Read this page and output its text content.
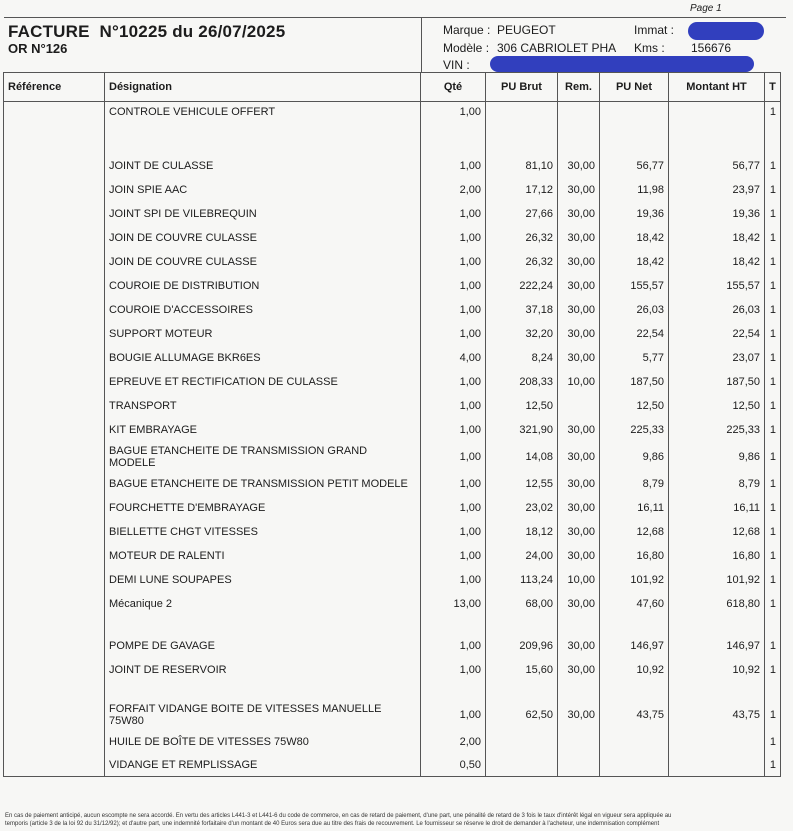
Page 1
FACTURE  N°10225 du 26/07/2025
OR N°126
Marque : PEUGEOT
Modèle : 306 CABRIOLET PHA
VIN :
Immat :
Kms : 156676
Référence	Désignation	Qté	PU Brut	Rem.	PU Net	Montant HT	T
	CONTROLE VEHICULE OFFERT	1,00					1

	JOINT DE CULASSE	1,00	81,10	30,00	56,77	56,77	1
	JOIN SPIE AAC	2,00	17,12	30,00	11,98	23,97	1
	JOINT SPI DE VILEBREQUIN	1,00	27,66	30,00	19,36	19,36	1
	JOIN DE COUVRE CULASSE	1,00	26,32	30,00	18,42	18,42	1
	JOIN DE COUVRE CULASSE	1,00	26,32	30,00	18,42	18,42	1
	COUROIE DE DISTRIBUTION	1,00	222,24	30,00	155,57	155,57	1
	COUROIE D'ACCESSOIRES	1,00	37,18	30,00	26,03	26,03	1
	SUPPORT MOTEUR	1,00	32,20	30,00	22,54	22,54	1
	BOUGIE ALLUMAGE BKR6ES	4,00	8,24	30,00	5,77	23,07	1
	EPREUVE ET RECTIFICATION DE CULASSE	1,00	208,33	10,00	187,50	187,50	1
	TRANSPORT	1,00	12,50		12,50	12,50	1
	KIT EMBRAYAGE	1,00	321,90	30,00	225,33	225,33	1
	BAGUE ETANCHEITE DE TRANSMISSION GRAND MODELE	1,00	14,08	30,00	9,86	9,86	1
	BAGUE ETANCHEITE DE TRANSMISSION PETIT MODELE	1,00	12,55	30,00	8,79	8,79	1
	FOURCHETTE D'EMBRAYAGE	1,00	23,02	30,00	16,11	16,11	1
	BIELLETTE CHGT VITESSES	1,00	18,12	30,00	12,68	12,68	1
	MOTEUR DE RALENTI	1,00	24,00	30,00	16,80	16,80	1
	DEMI LUNE SOUPAPES	1,00	113,24	10,00	101,92	101,92	1
	Mécanique 2	13,00	68,00	30,00	47,60	618,80	1

	POMPE DE GAVAGE	1,00	209,96	30,00	146,97	146,97	1
	JOINT DE RESERVOIR	1,00	15,60	30,00	10,92	10,92	1

	FORFAIT VIDANGE BOITE DE VITESSES MANUELLE 75W80	1,00	62,50	30,00	43,75	43,75	1
	HUILE DE BOÎTE DE VITESSES 75W80	2,00					1
	VIDANGE ET REMPLISSAGE	0,50					1
En cas de paiement anticipé, aucun escompte ne sera accordé. En vertu des articles L441-3 et L441-6 du code de commerce, en cas de retard de paiement, d'une part, une pénalité de retard de 3 fois le taux d'intérêt légal en vigueur sera appliquée au
temporis (article 3 de la loi 92 du 31/12/92); et d'autre part, une indemnité forfaitaire d'un montant de 40 Euros sera due au titre des frais de recouvrement. Le fournisseur se réserve le droit de demander à l'acheteur, une indemnisation complément
